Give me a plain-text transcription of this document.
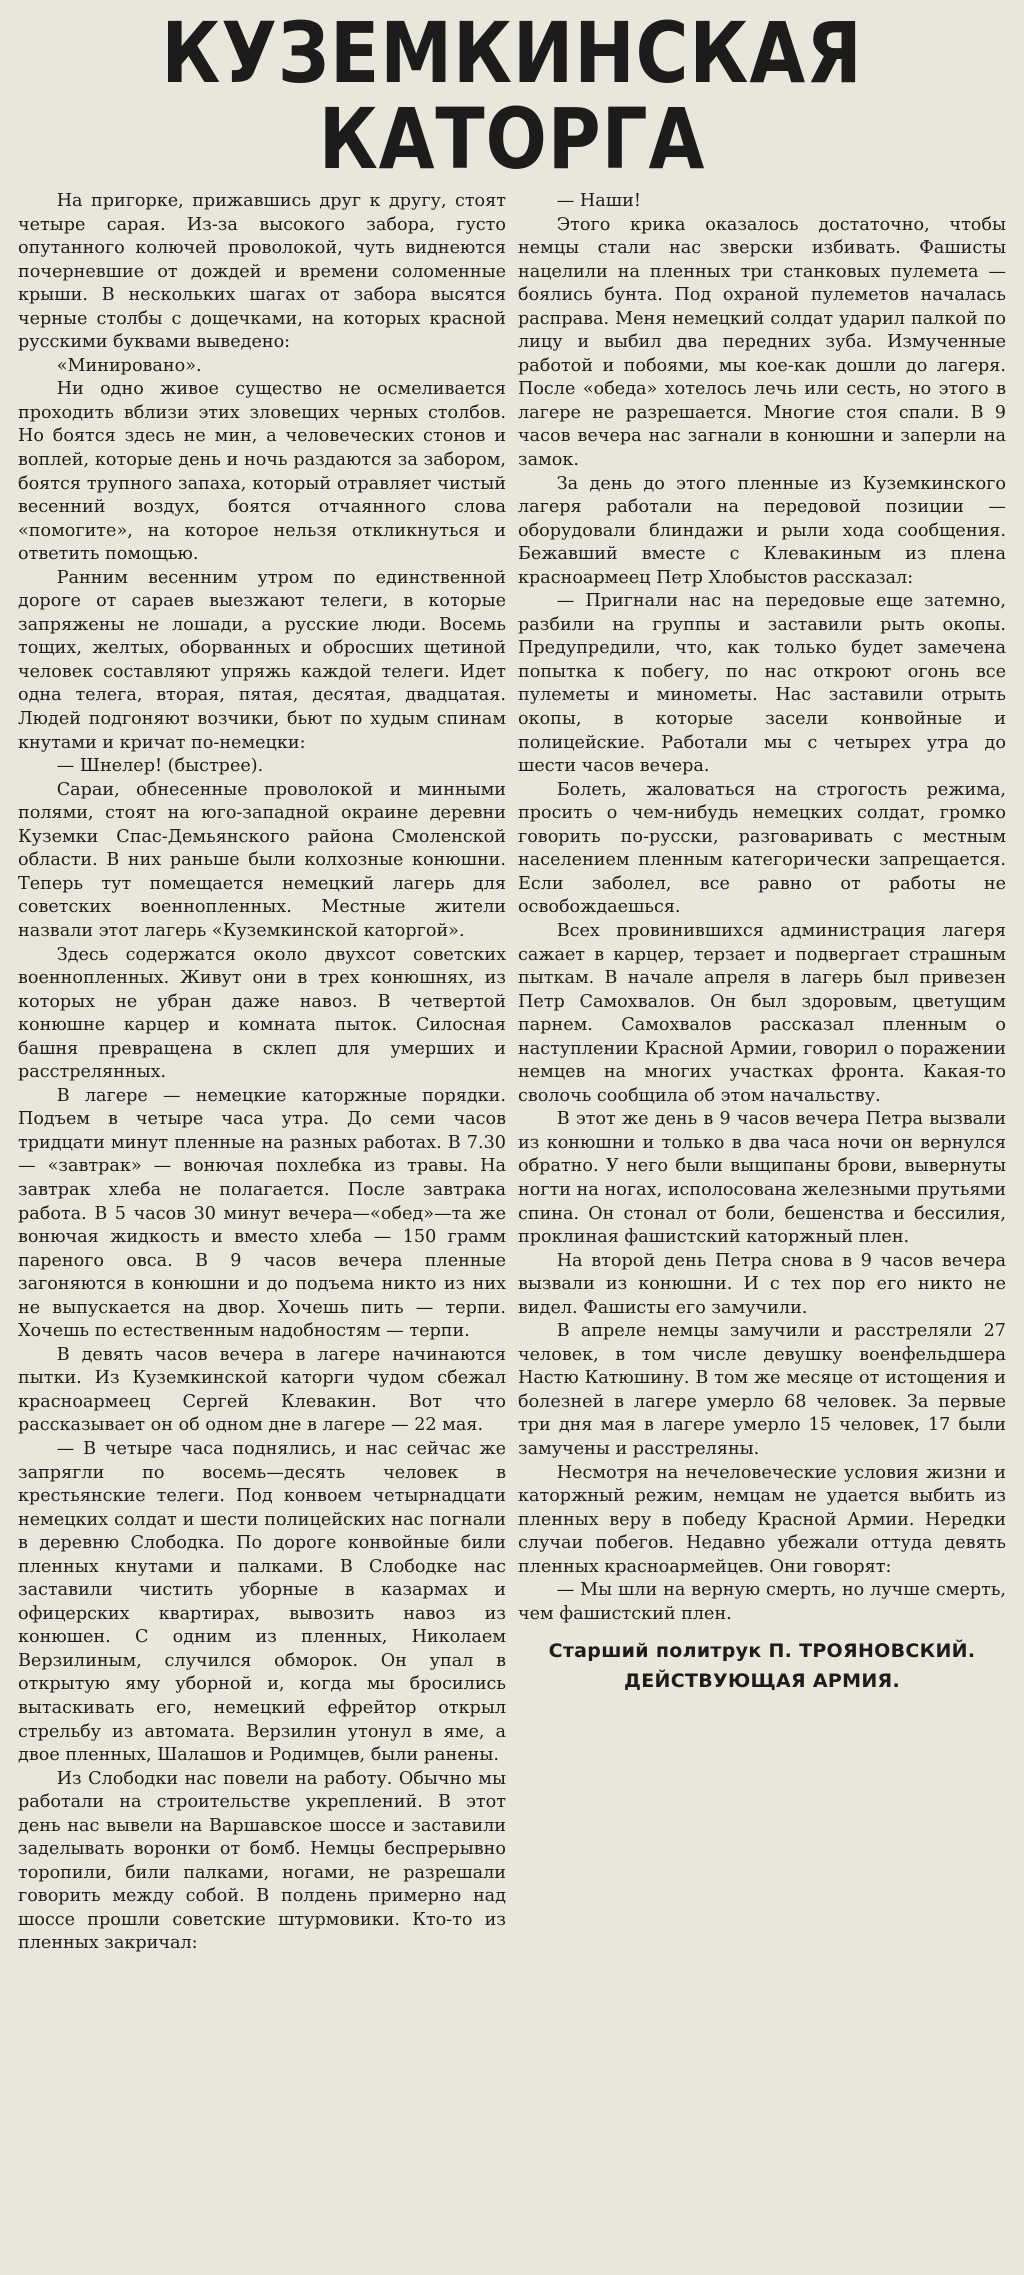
КУЗЕМКИНСКАЯ
КАТОРГА

На пригорке, прижавшись друг к другу, стоят четыре сарая. Из-за высокого забора, густо опутанного колючей проволокой, чуть виднеются почерневшие от дождей и времени соломенные крыши. В нескольких шагах от забора высятся черные столбы с дощечками, на которых красной русскими буквами выведено:

«Минировано».

Ни одно живое существо не осмеливается проходить вблизи этих зловещих черных столбов. Но боятся здесь не мин, а человеческих стонов и воплей, которые день и ночь раздаются за забором, боятся трупного запаха, который отравляет чистый весенний воздух, боятся отчаянного слова «помогите», на которое нельзя откликнуться и ответить помощью.

Ранним весенним утром по единственной дороге от сараев выезжают телеги, в которые запряжены не лошади, а русские люди. Восемь тощих, желтых, оборванных и обросших щетиной человек составляют упряжь каждой телеги. Идет одна телега, вторая, пятая, десятая, двадцатая. Людей подгоняют возчики, бьют по худым спинам кнутами и кричат по-немецки:

— Шнелер! (быстрее).

Сараи, обнесенные проволокой и минными полями, стоят на юго-западной окраине деревни Куземки Спас-Демьянского района Смоленской области. В них раньше были колхозные конюшни. Теперь тут помещается немецкий лагерь для советских военнопленных. Местные жители назвали этот лагерь «Куземкинской каторгой».

Здесь содержатся около двухсот советских военнопленных. Живут они в трех конюшнях, из которых не убран даже навоз. В четвертой конюшне карцер и комната пыток. Силосная башня превращена в склеп для умерших и расстрелянных.

В лагере — немецкие каторжные порядки. Подъем в четыре часа утра. До семи часов тридцати минут пленные на разных работах. В 7.30 — «завтрак» — вонючая похлебка из травы. На завтрак хлеба не полагается. После завтрака работа. В 5 часов 30 минут вечера—«обед»—та же вонючая жидкость и вместо хлеба — 150 грамм пареного овса. В 9 часов вечера пленные загоняются в конюшни и до подъема никто из них не выпускается на двор. Хочешь пить — терпи. Хочешь по естественным надобностям — терпи.

В девять часов вечера в лагере начинаются пытки. Из Куземкинской каторги чудом сбежал красноармеец Сергей Клевакин. Вот что рассказывает он об одном дне в лагере — 22 мая.

— В четыре часа поднялись, и нас сейчас же запрягли по восемь—десять человек в крестьянские телеги. Под конвоем четырнадцати немецких солдат и шести полицейских нас погнали в деревню Слободка. По дороге конвойные били пленных кнутами и палками. В Слободке нас заставили чистить уборные в казармах и офицерских квартирах, вывозить навоз из конюшен. С одним из пленных, Николаем Верзилиным, случился обморок. Он упал в открытую яму уборной и, когда мы бросились вытаскивать его, немецкий ефрейтор открыл стрельбу из автомата. Верзилин утонул в яме, а двое пленных, Шалашов и Родимцев, были ранены.

Из Слободки нас повели на работу. Обычно мы работали на строительстве укреплений. В этот день нас вывели на Варшавское шоссе и заставили заделывать воронки от бомб. Немцы беспрерывно торопили, били палками, ногами, не разрешали говорить между собой. В полдень примерно над шоссе прошли советские штурмовики. Кто-то из пленных закричал:

— Наши!

Этого крика оказалось достаточно, чтобы немцы стали нас зверски избивать. Фашисты нацелили на пленных три станковых пулемета — боялись бунта. Под охраной пулеметов началась расправа. Меня немецкий солдат ударил палкой по лицу и выбил два передних зуба. Измученные работой и побоями, мы кое-как дошли до лагеря. После «обеда» хотелось лечь или сесть, но этого в лагере не разрешается. Многие стоя спали. В 9 часов вечера нас загнали в конюшни и заперли на замок.

За день до этого пленные из Куземкинского лагеря работали на передовой позиции — оборудовали блиндажи и рыли хода сообщения. Бежавший вместе с Клевакиным из плена красноармеец Петр Хлобыстов рассказал:

— Пригнали нас на передовые еще затемно, разбили на группы и заставили рыть окопы. Предупредили, что, как только будет замечена попытка к побегу, по нас откроют огонь все пулеметы и минометы. Нас заставили отрыть окопы, в которые засели конвойные и полицейские. Работали мы с четырех утра до шести часов вечера.

Болеть, жаловаться на строгость режима, просить о чем-нибудь немецких солдат, громко говорить по-русски, разговаривать с местным населением пленным категорически запрещается. Если заболел, все равно от работы не освобождаешься.

Всех провинившихся администрация лагеря сажает в карцер, терзает и подвергает страшным пыткам. В начале апреля в лагерь был привезен Петр Самохвалов. Он был здоровым, цветущим парнем. Самохвалов рассказал пленным о наступлении Красной Армии, говорил о поражении немцев на многих участках фронта. Какая-то сволочь сообщила об этом начальству.

В этот же день в 9 часов вечера Петра вызвали из конюшни и только в два часа ночи он вернулся обратно. У него были выщипаны брови, вывернуты ногти на ногах, исполосована железными прутьями спина. Он стонал от боли, бешенства и бессилия, проклиная фашистский каторжный плен.

На второй день Петра снова в 9 часов вечера вызвали из конюшни. И с тех пор его никто не видел. Фашисты его замучили.

В апреле немцы замучили и расстреляли 27 человек, в том числе девушку военфельдшера Настю Катюшину. В том же месяце от истощения и болезней в лагере умерло 68 человек. За первые три дня мая в лагере умерло 15 человек, 17 были замучены и расстреляны.

Несмотря на нечеловеческие условия жизни и каторжный режим, немцам не удается выбить из пленных веру в победу Красной Армии. Нередки случаи побегов. Недавно убежали оттуда девять пленных красноармейцев. Они говорят:

— Мы шли на верную смерть, но лучше смерть, чем фашистский плен.

Старший политрук П. ТРОЯНОВСКИЙ.

ДЕЙСТВУЮЩАЯ АРМИЯ.
